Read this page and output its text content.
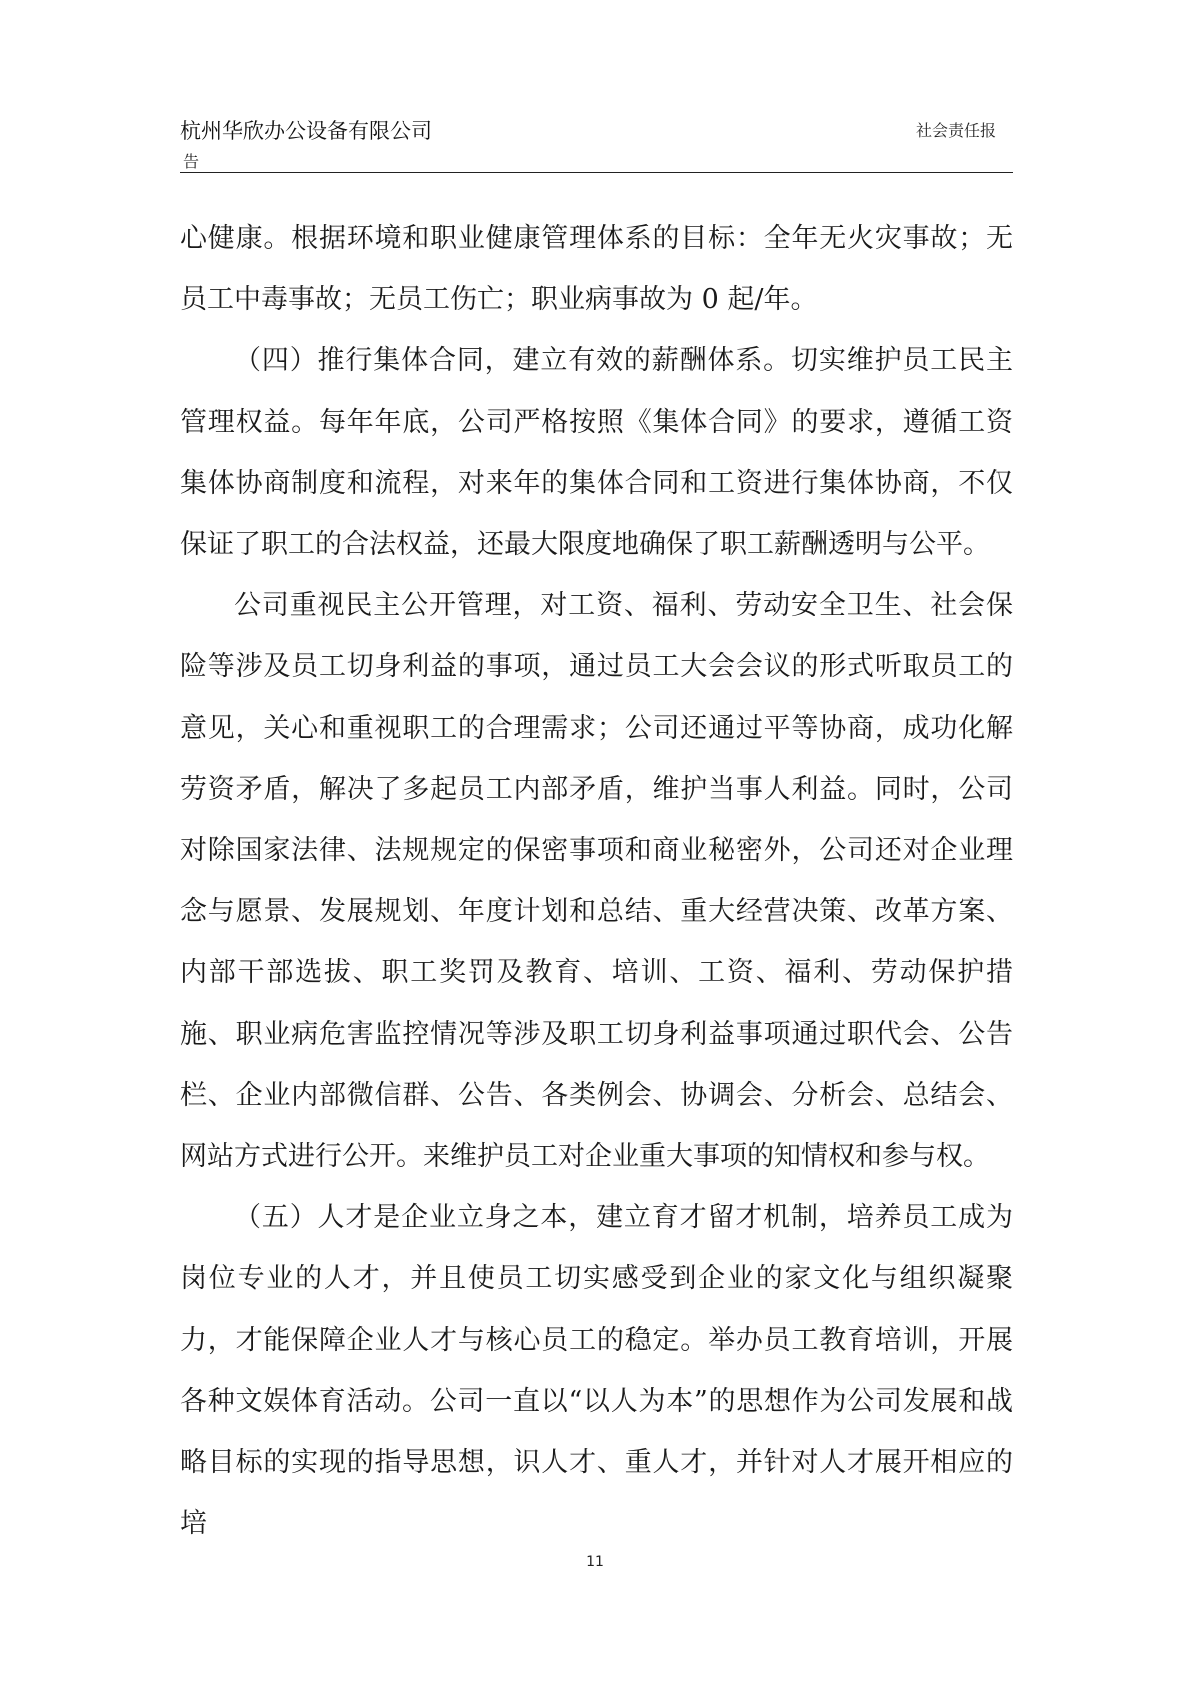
杭州华欣办公设备有限公司	社会责任报
告

心健康。根据环境和职业健康管理体系的目标：全年无火灾事故；无员工中毒事故；无员工伤亡；职业病事故为 0 起/年。

（四）推行集体合同，建立有效的薪酬体系。切实维护员工民主管理权益。每年年底，公司严格按照《集体合同》的要求，遵循工资集体协商制度和流程，对来年的集体合同和工资进行集体协商，不仅保证了职工的合法权益，还最大限度地确保了职工薪酬透明与公平。

公司重视民主公开管理，对工资、福利、劳动安全卫生、社会保险等涉及员工切身利益的事项，通过员工大会会议的形式听取员工的意见，关心和重视职工的合理需求；公司还通过平等协商，成功化解劳资矛盾，解决了多起员工内部矛盾，维护当事人利益。同时，公司对除国家法律、法规规定的保密事项和商业秘密外，公司还对企业理念与愿景、发展规划、年度计划和总结、重大经营决策、改革方案、内部干部选拔、职工奖罚及教育、培训、工资、福利、劳动保护措施、职业病危害监控情况等涉及职工切身利益事项通过职代会、公告栏、企业内部微信群、公告、各类例会、协调会、分析会、总结会、网站方式进行公开。来维护员工对企业重大事项的知情权和参与权。

（五）人才是企业立身之本，建立育才留才机制，培养员工成为岗位专业的人才，并且使员工切实感受到企业的家文化与组织凝聚力，才能保障企业人才与核心员工的稳定。举办员工教育培训，开展各种文娱体育活动。公司一直以“以人为本”的思想作为公司发展和战略目标的实现的指导思想，识人才、重人才，并针对人才展开相应的培

11
